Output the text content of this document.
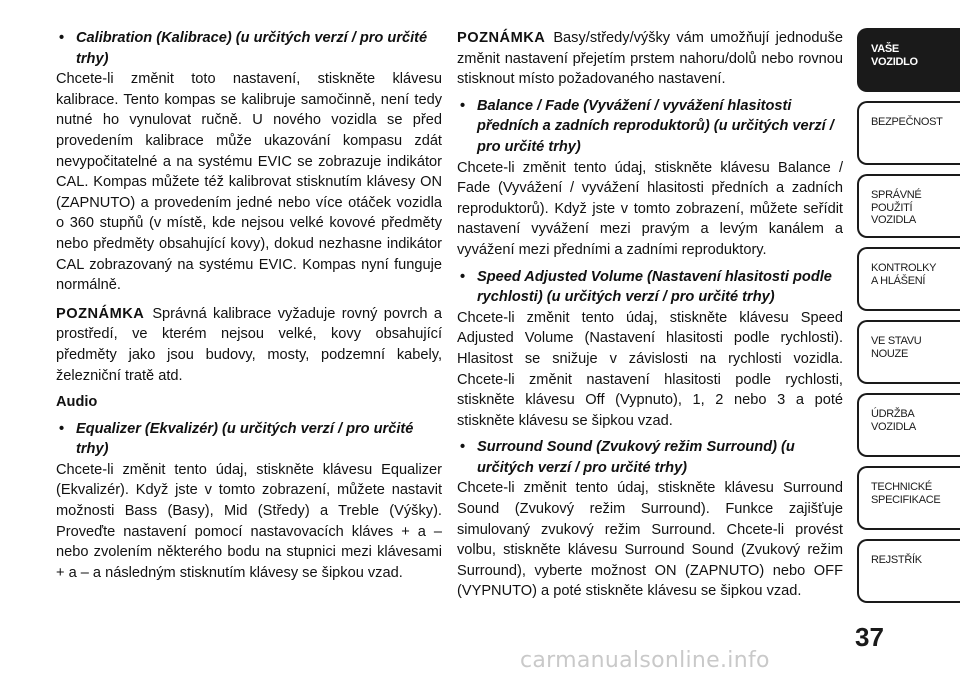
• Calibration (Kalibrace) (u určitých verzí / pro určité trhy)

Chcete-li změnit toto nastavení, stiskněte klávesu kalibrace. Tento kompas se kalibruje samočinně, není tedy nutné ho vynulovat ručně. U nového vozidla se před provedením kalibrace může ukazování kompasu zdát nevypočitatelné a na systému EVIC se zobrazuje indikátor CAL. Kompas můžete též kalibrovat stisknutím klávesy ON (ZAPNUTO) a provedením jedné nebo více otáček vozidla o 360 stupňů (v místě, kde nejsou velké kovové předměty nebo předměty obsahující kovy), dokud nezhasne indikátor CAL zobrazovaný na systému EVIC. Kompas nyní funguje normálně.

POZNÁMKA Správná kalibrace vyžaduje rovný povrch a prostředí, ve kterém nejsou velké, kovy obsahující předměty jako jsou budovy, mosty, podzemní kabely, železniční tratě atd.

Audio

• Equalizer (Ekvalizér) (u určitých verzí / pro určité trhy)

Chcete-li změnit tento údaj, stiskněte klávesu Equalizer (Ekvalizér). Když jste v tomto zobrazení, můžete nastavit možnosti Bass (Basy), Mid (Středy) a Treble (Výšky). Proveďte nastavení pomocí nastavovacích kláves + a – nebo zvolením některého bodu na stupnici mezi klávesami + a – a následným stisknutím klávesy se šipkou vzad.

POZNÁMKA Basy/středy/výšky vám umožňují jednoduše změnit nastavení přejetím prstem nahoru/dolů nebo rovnou stisknout místo požadovaného nastavení.

• Balance / Fade (Vyvážení / vyvážení hlasitosti předních a zadních reproduktorů) (u určitých verzí / pro určité trhy)

Chcete-li změnit tento údaj, stiskněte klávesu Balance / Fade (Vyvážení / vyvážení hlasitosti předních a zadních reproduktorů). Když jste v tomto zobrazení, můžete seřídit nastavení vyvážení mezi pravým a levým kanálem a vyvážení mezi předními a zadními reproduktory.

• Speed Adjusted Volume (Nastavení hlasitosti podle rychlosti) (u určitých verzí / pro určité trhy)

Chcete-li změnit tento údaj, stiskněte klávesu Speed Adjusted Volume (Nastavení hlasitosti podle rychlosti). Hlasitost se snižuje v závislosti na rychlosti vozidla. Chcete-li změnit nastavení hlasitosti podle rychlosti, stiskněte klávesu Off (Vypnuto), 1, 2 nebo 3 a poté stiskněte klávesu se šipkou vzad.

• Surround Sound (Zvukový režim Surround) (u určitých verzí / pro určité trhy)

Chcete-li změnit tento údaj, stiskněte klávesu Surround Sound (Zvukový režim Surround). Funkce zajišťuje simulovaný zvukový režim Surround. Chcete-li provést volbu, stiskněte klávesu Surround Sound (Zvukový režim Surround), vyberte možnost ON (ZAPNUTO) nebo OFF (VYPNUTO) a poté stiskněte klávesu se šipkou vzad.

VAŠE
VOZIDLO
BEZPEČNOST
SPRÁVNÉ
POUŽITÍ
VOZIDLA
KONTROLKY
A HLÁŠENÍ
VE STAVU
NOUZE
ÚDRŽBA
VOZIDLA
TECHNICKÉ
SPECIFIKACE
REJSTŘÍK
37
carmanualsonline.info
